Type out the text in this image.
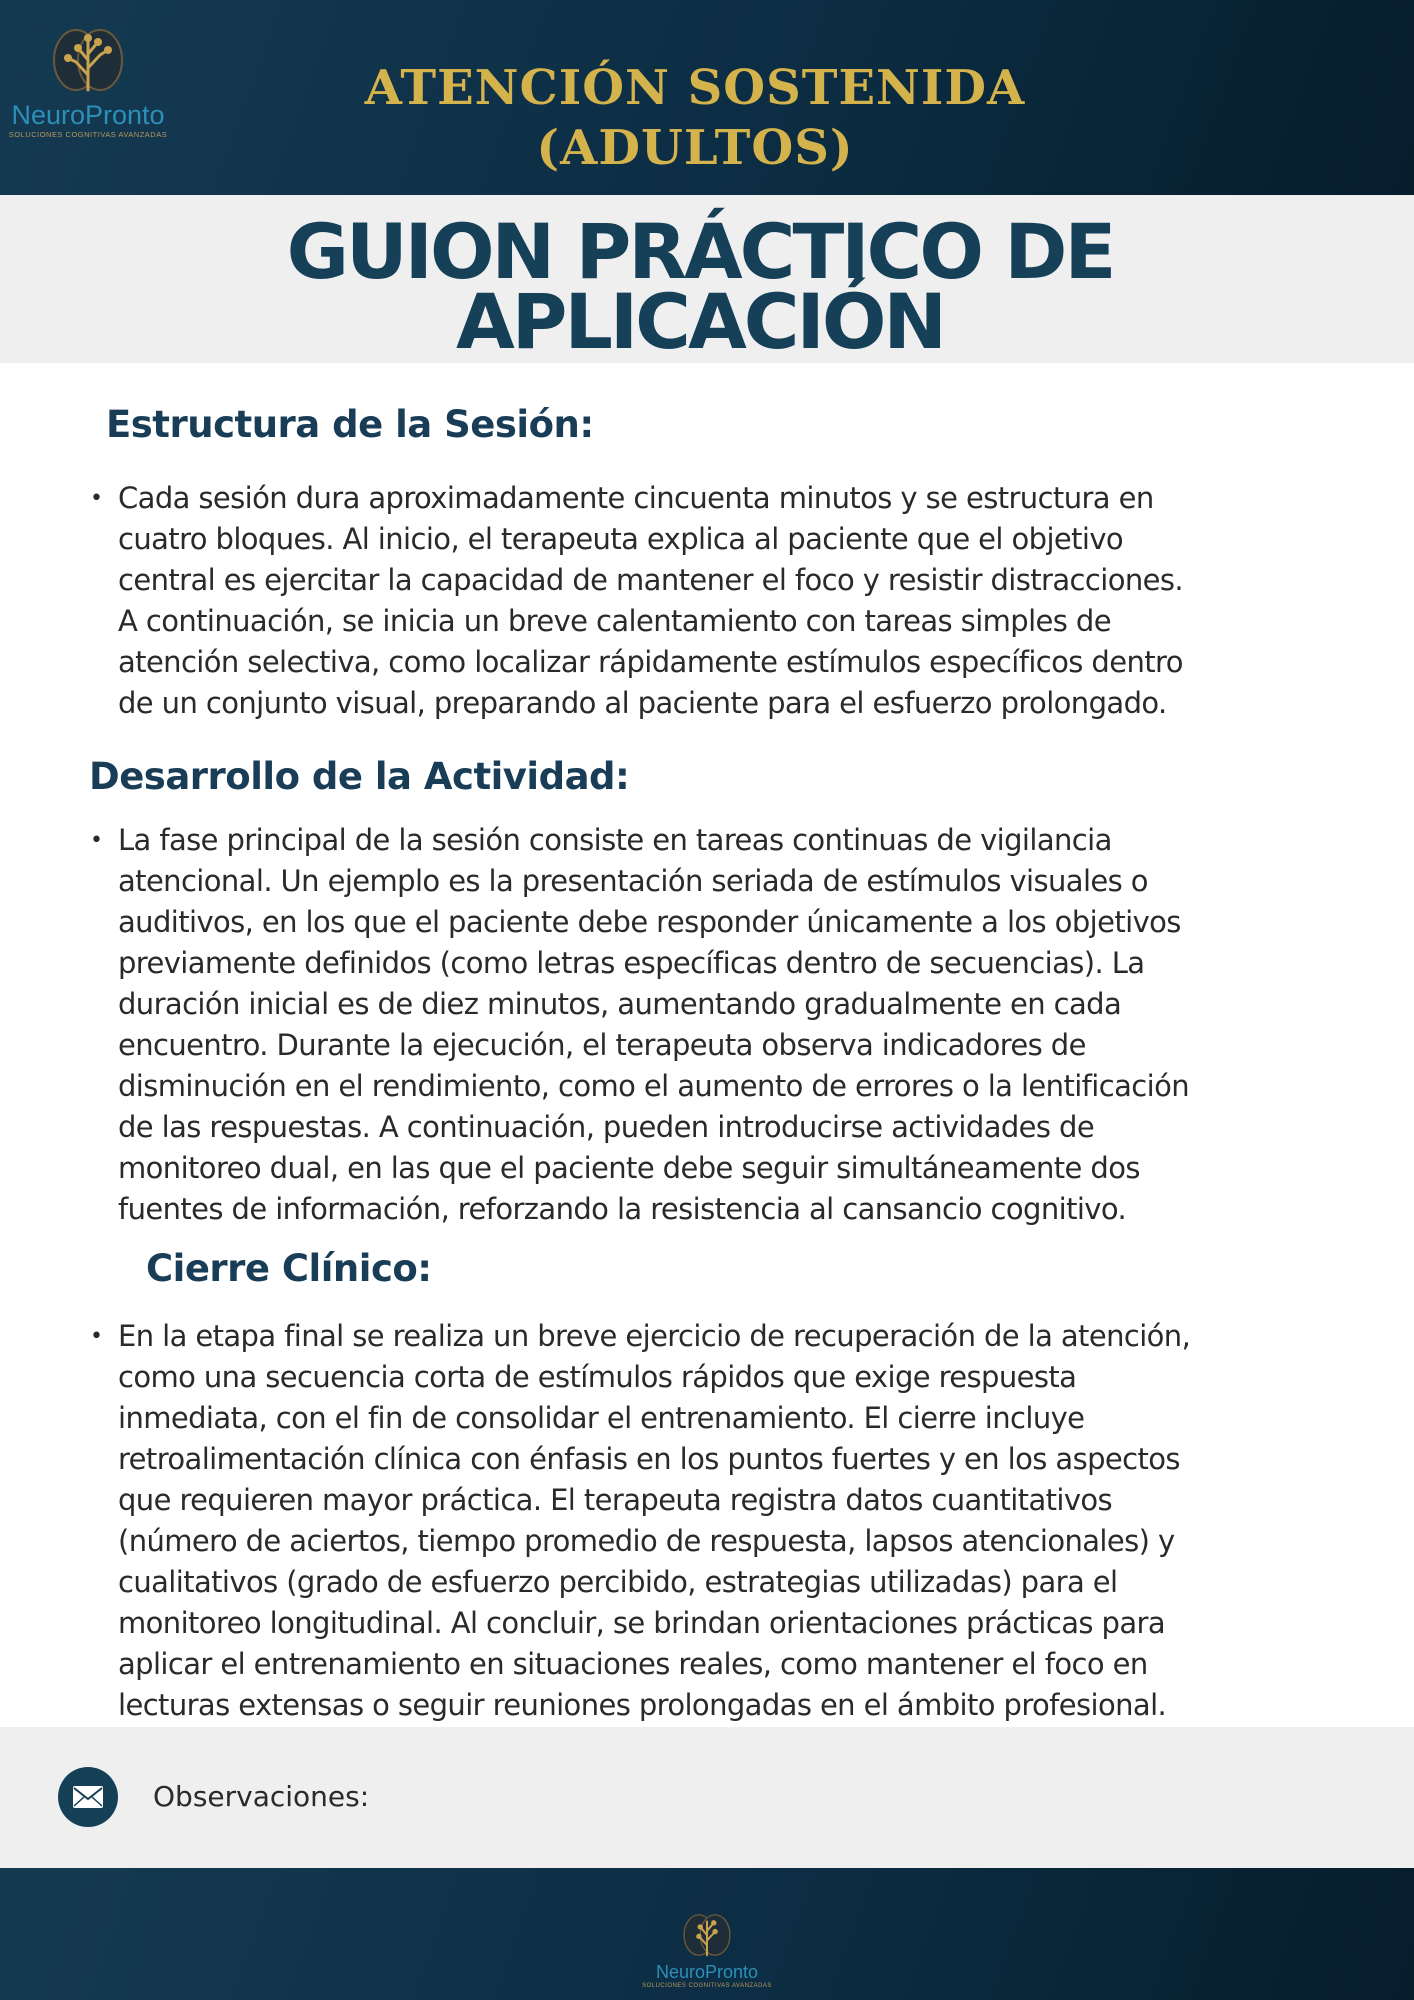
NeuroPronto
SOLUCIONES COGNITIVAS AVANZADAS
ATENCIÓN SOSTENIDA (ADULTOS)
GUION PRÁCTICO DE
APLICACIÓN
Estructura de la Sesión:
• Cada sesión dura aproximadamente cincuenta minutos y se estructura en
cuatro bloques. Al inicio, el terapeuta explica al paciente que el objetivo
central es ejercitar la capacidad de mantener el foco y resistir distracciones.
A continuación, se inicia un breve calentamiento con tareas simples de
atención selectiva, como localizar rápidamente estímulos específicos dentro
de un conjunto visual, preparando al paciente para el esfuerzo prolongado.

Desarrollo de la Actividad:
• La fase principal de la sesión consiste en tareas continuas de vigilancia
atencional. Un ejemplo es la presentación seriada de estímulos visuales o
auditivos, en los que el paciente debe responder únicamente a los objetivos
previamente definidos (como letras específicas dentro de secuencias). La
duración inicial es de diez minutos, aumentando gradualmente en cada
encuentro. Durante la ejecución, el terapeuta observa indicadores de
disminución en el rendimiento, como el aumento de errores o la lentificación
de las respuestas. A continuación, pueden introducirse actividades de
monitoreo dual, en las que el paciente debe seguir simultáneamente dos
fuentes de información, reforzando la resistencia al cansancio cognitivo.

Cierre Clínico:
• En la etapa final se realiza un breve ejercicio de recuperación de la atención,
como una secuencia corta de estímulos rápidos que exige respuesta
inmediata, con el fin de consolidar el entrenamiento. El cierre incluye
retroalimentación clínica con énfasis en los puntos fuertes y en los aspectos
que requieren mayor práctica. El terapeuta registra datos cuantitativos
(número de aciertos, tiempo promedio de respuesta, lapsos atencionales) y
cualitativos (grado de esfuerzo percibido, estrategias utilizadas) para el
monitoreo longitudinal. Al concluir, se brindan orientaciones prácticas para
aplicar el entrenamiento en situaciones reales, como mantener el foco en
lecturas extensas o seguir reuniones prolongadas en el ámbito profesional.

Observaciones:
NeuroPronto
SOLUCIONES COGNITIVAS AVANZADAS
